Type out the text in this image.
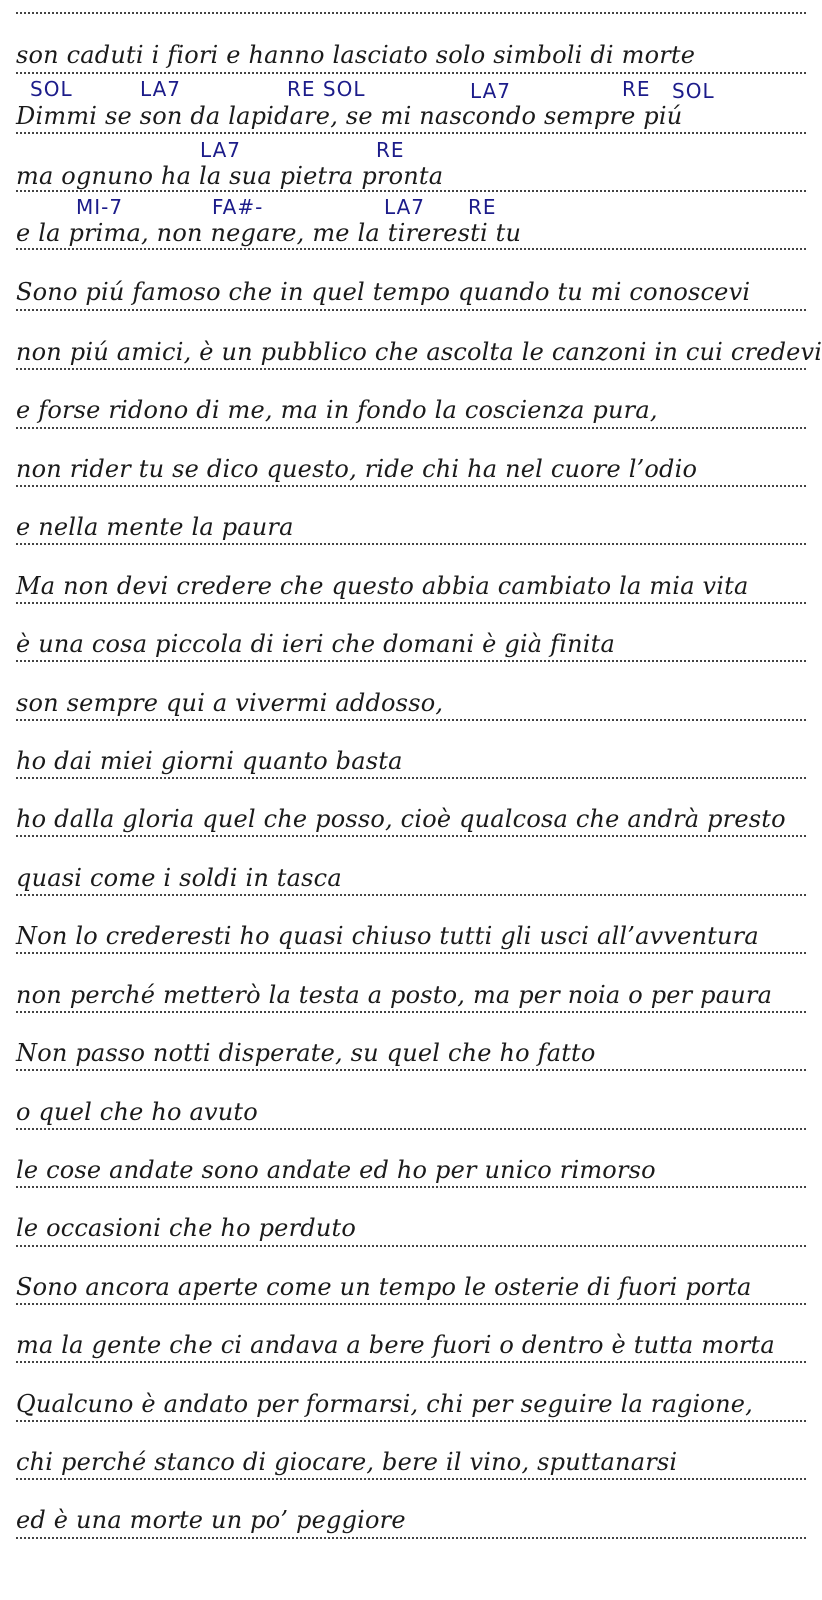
son caduti i fiori e hanno lasciato solo simboli di morte
SOL	LA7	RE SOL	LA7	RE SOL
Dimmi se son da lapidare, se mi nascondo sempre piú
LA7	RE
ma ognuno ha la sua pietra pronta
MI-7	FA#-	LA7 RE
e la prima, non negare, me la tireresti tu
Sono piú famoso che in quel tempo quando tu mi conoscevi
non piú amici, è un pubblico che ascolta le canzoni in cui credevi
e forse ridono di me, ma in fondo la coscienza pura,
non rider tu se dico questo, ride chi ha nel cuore l’odio
e nella mente la paura
Ma non devi credere che questo abbia cambiato la mia vita
è una cosa piccola di ieri che domani è già finita
son sempre qui a vivermi addosso,
ho dai miei giorni quanto basta
ho dalla gloria quel che posso, cioè qualcosa che andrà presto
quasi come i soldi in tasca
Non lo crederesti ho quasi chiuso tutti gli usci all’avventura
non perché metterò la testa a posto, ma per noia o per paura
Non passo notti disperate, su quel che ho fatto
o quel che ho avuto
le cose andate sono andate ed ho per unico rimorso
le occasioni che ho perduto
Sono ancora aperte come un tempo le osterie di fuori porta
ma la gente che ci andava a bere fuori o dentro è tutta morta
Qualcuno è andato per formarsi, chi per seguire la ragione,
chi perché stanco di giocare, bere il vino, sputtanarsi
ed è una morte un po’ peggiore
